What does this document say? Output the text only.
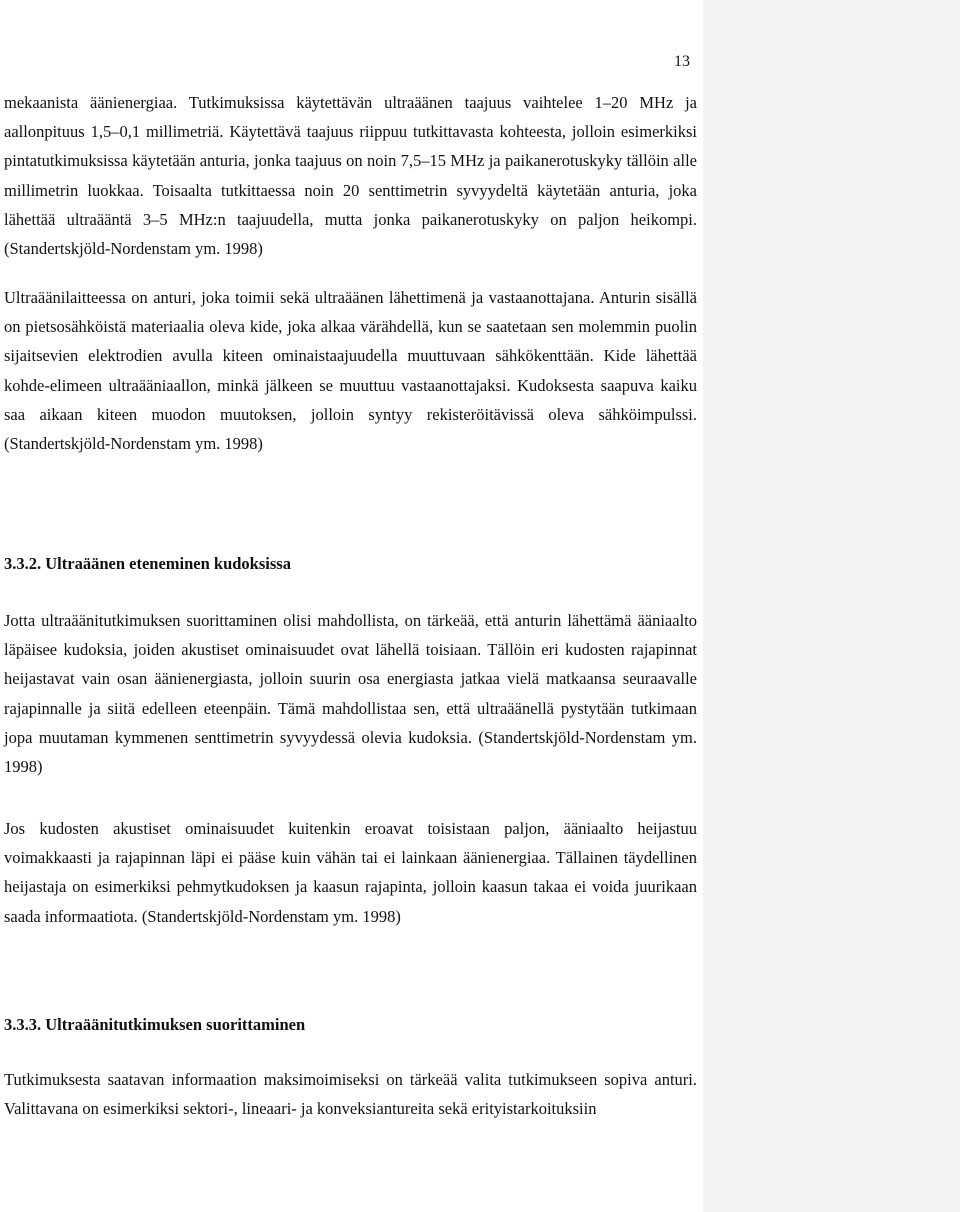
13

mekaanista äänienergiaa. Tutkimuksissa käytettävän ultraäänen taajuus vaihtelee 1–20 MHz ja aallonpituus 1,5–0,1 millimetriä. Käytettävä taajuus riippuu tutkittavasta kohteesta, jolloin esimerkiksi pintatutkimuksissa käytetään anturia, jonka taajuus on noin 7,5–15 MHz ja paikanerotuskyky tällöin alle millimetrin luokkaa. Toisaalta tutkittaessa noin 20 senttimetrin syvyydeltä käytetään anturia, joka lähettää ultraääntä 3–5 MHz:n taajuudella, mutta jonka paikanerotuskyky on paljon heikompi. (Standertskjöld-Nordenstam ym. 1998)

Ultraäänilaitteessa on anturi, joka toimii sekä ultraäänen lähettimenä ja vastaanottajana. Anturin sisällä on pietsosähköistä materiaalia oleva kide, joka alkaa värähdellä, kun se saatetaan sen molemmin puolin sijaitsevien elektrodien avulla kiteen ominaistaajuudella muuttuvaan sähkökenttään. Kide lähettää kohde-elimeen ultraääniaallon, minkä jälkeen se muuttuu vastaanottajaksi. Kudoksesta saapuva kaiku saa aikaan kiteen muodon muutoksen, jolloin syntyy rekisteröitävissä oleva sähköimpulssi. (Standertskjöld-Nordenstam ym. 1998)

3.3.2. Ultraäänen eteneminen kudoksissa

Jotta ultraäänitutkimuksen suorittaminen olisi mahdollista, on tärkeää, että anturin lähettämä ääniaalto läpäisee kudoksia, joiden akustiset ominaisuudet ovat lähellä toisiaan. Tällöin eri kudosten rajapinnat heijastavat vain osan äänienergiasta, jolloin suurin osa energiasta jatkaa vielä matkaansa seuraavalle rajapinnalle ja siitä edelleen eteenpäin. Tämä mahdollistaa sen, että ultraäänellä pystytään tutkimaan jopa muutaman kymmenen senttimetrin syvyydessä olevia kudoksia. (Standertskjöld-Nordenstam ym. 1998)

Jos kudosten akustiset ominaisuudet kuitenkin eroavat toisistaan paljon, ääniaalto heijastuu voimakkaasti ja rajapinnan läpi ei pääse kuin vähän tai ei lainkaan äänienergiaa. Tällainen täydellinen heijastaja on esimerkiksi pehmytkudoksen ja kaasun rajapinta, jolloin kaasun takaa ei voida juurikaan saada informaatiota. (Standertskjöld-Nordenstam ym. 1998)

3.3.3. Ultraäänitutkimuksen suorittaminen

Tutkimuksesta saatavan informaation maksimoimiseksi on tärkeää valita tutkimukseen sopiva anturi. Valittavana on esimerkiksi sektori-, lineaari- ja konveksiantureita sekä erityistarkoituksiin
